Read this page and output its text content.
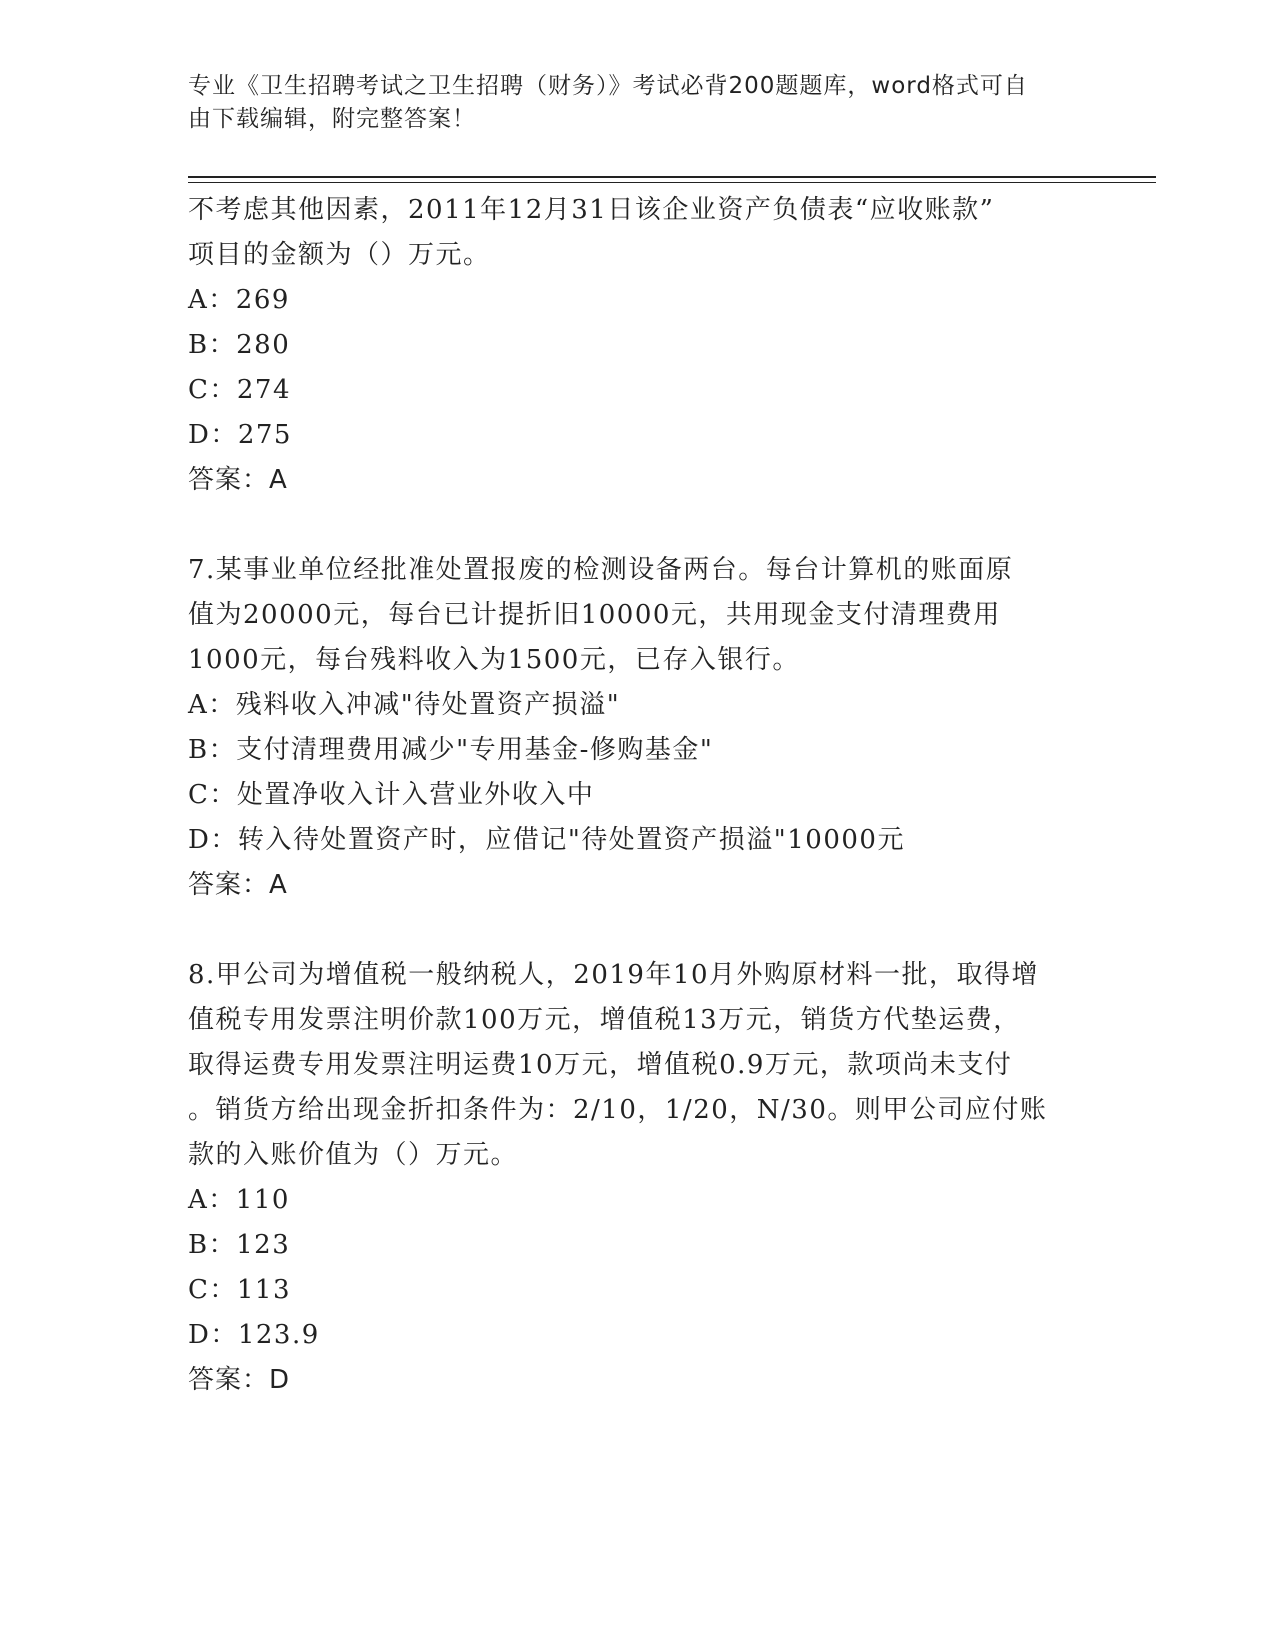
专业《卫生招聘考试之卫生招聘（财务）》考试必背200题题库，word格式可自
由下载编辑，附完整答案！
不考虑其他因素，2011年12月31日该企业资产负债表“应收账款”
项目的金额为（）万元。
A：269
B：280
C：274
D：275
答案：A
7.某事业单位经批准处置报废的检测设备两台。每台计算机的账面原
值为20000元，每台已计提折旧10000元，共用现金支付清理费用
1000元，每台残料收入为1500元，已存入银行。
A：残料收入冲减"待处置资产损溢"
B：支付清理费用减少"专用基金-修购基金"
C：处置净收入计入营业外收入中
D：转入待处置资产时，应借记"待处置资产损溢"10000元
答案：A
8.甲公司为增值税一般纳税人，2019年10月外购原材料一批，取得增
值税专用发票注明价款100万元，增值税13万元，销货方代垫运费，
取得运费专用发票注明运费10万元，增值税0.9万元，款项尚未支付
。销货方给出现金折扣条件为：2/10，1/20，N/30。则甲公司应付账
款的入账价值为（）万元。
A：110
B：123
C：113
D：123.9
答案：D
